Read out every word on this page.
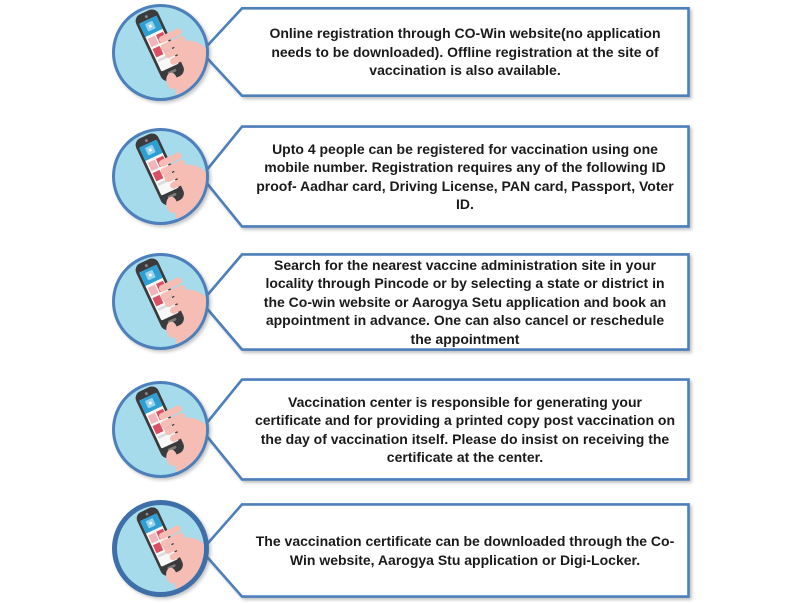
Online registration through CO-Win website(no application needs to be downloaded). Offline registration at the site of vaccination is also available.
Upto 4 people can be registered for vaccination using one mobile number. Registration requires any of the following ID proof- Aadhar card, Driving License, PAN card, Passport, Voter ID.
Search for the nearest vaccine administration site in your locality through Pincode or by selecting a state or district in the Co-win website or Aarogya Setu application and book an appointment in advance. One can also cancel or reschedule the appointment
Vaccination center is responsible for generating your certificate and for providing a printed copy post vaccination on the day of vaccination itself. Please do insist on receiving the certificate at the center.
The vaccination certificate can be downloaded through the Co-Win website, Aarogya Stu application or Digi-Locker.
